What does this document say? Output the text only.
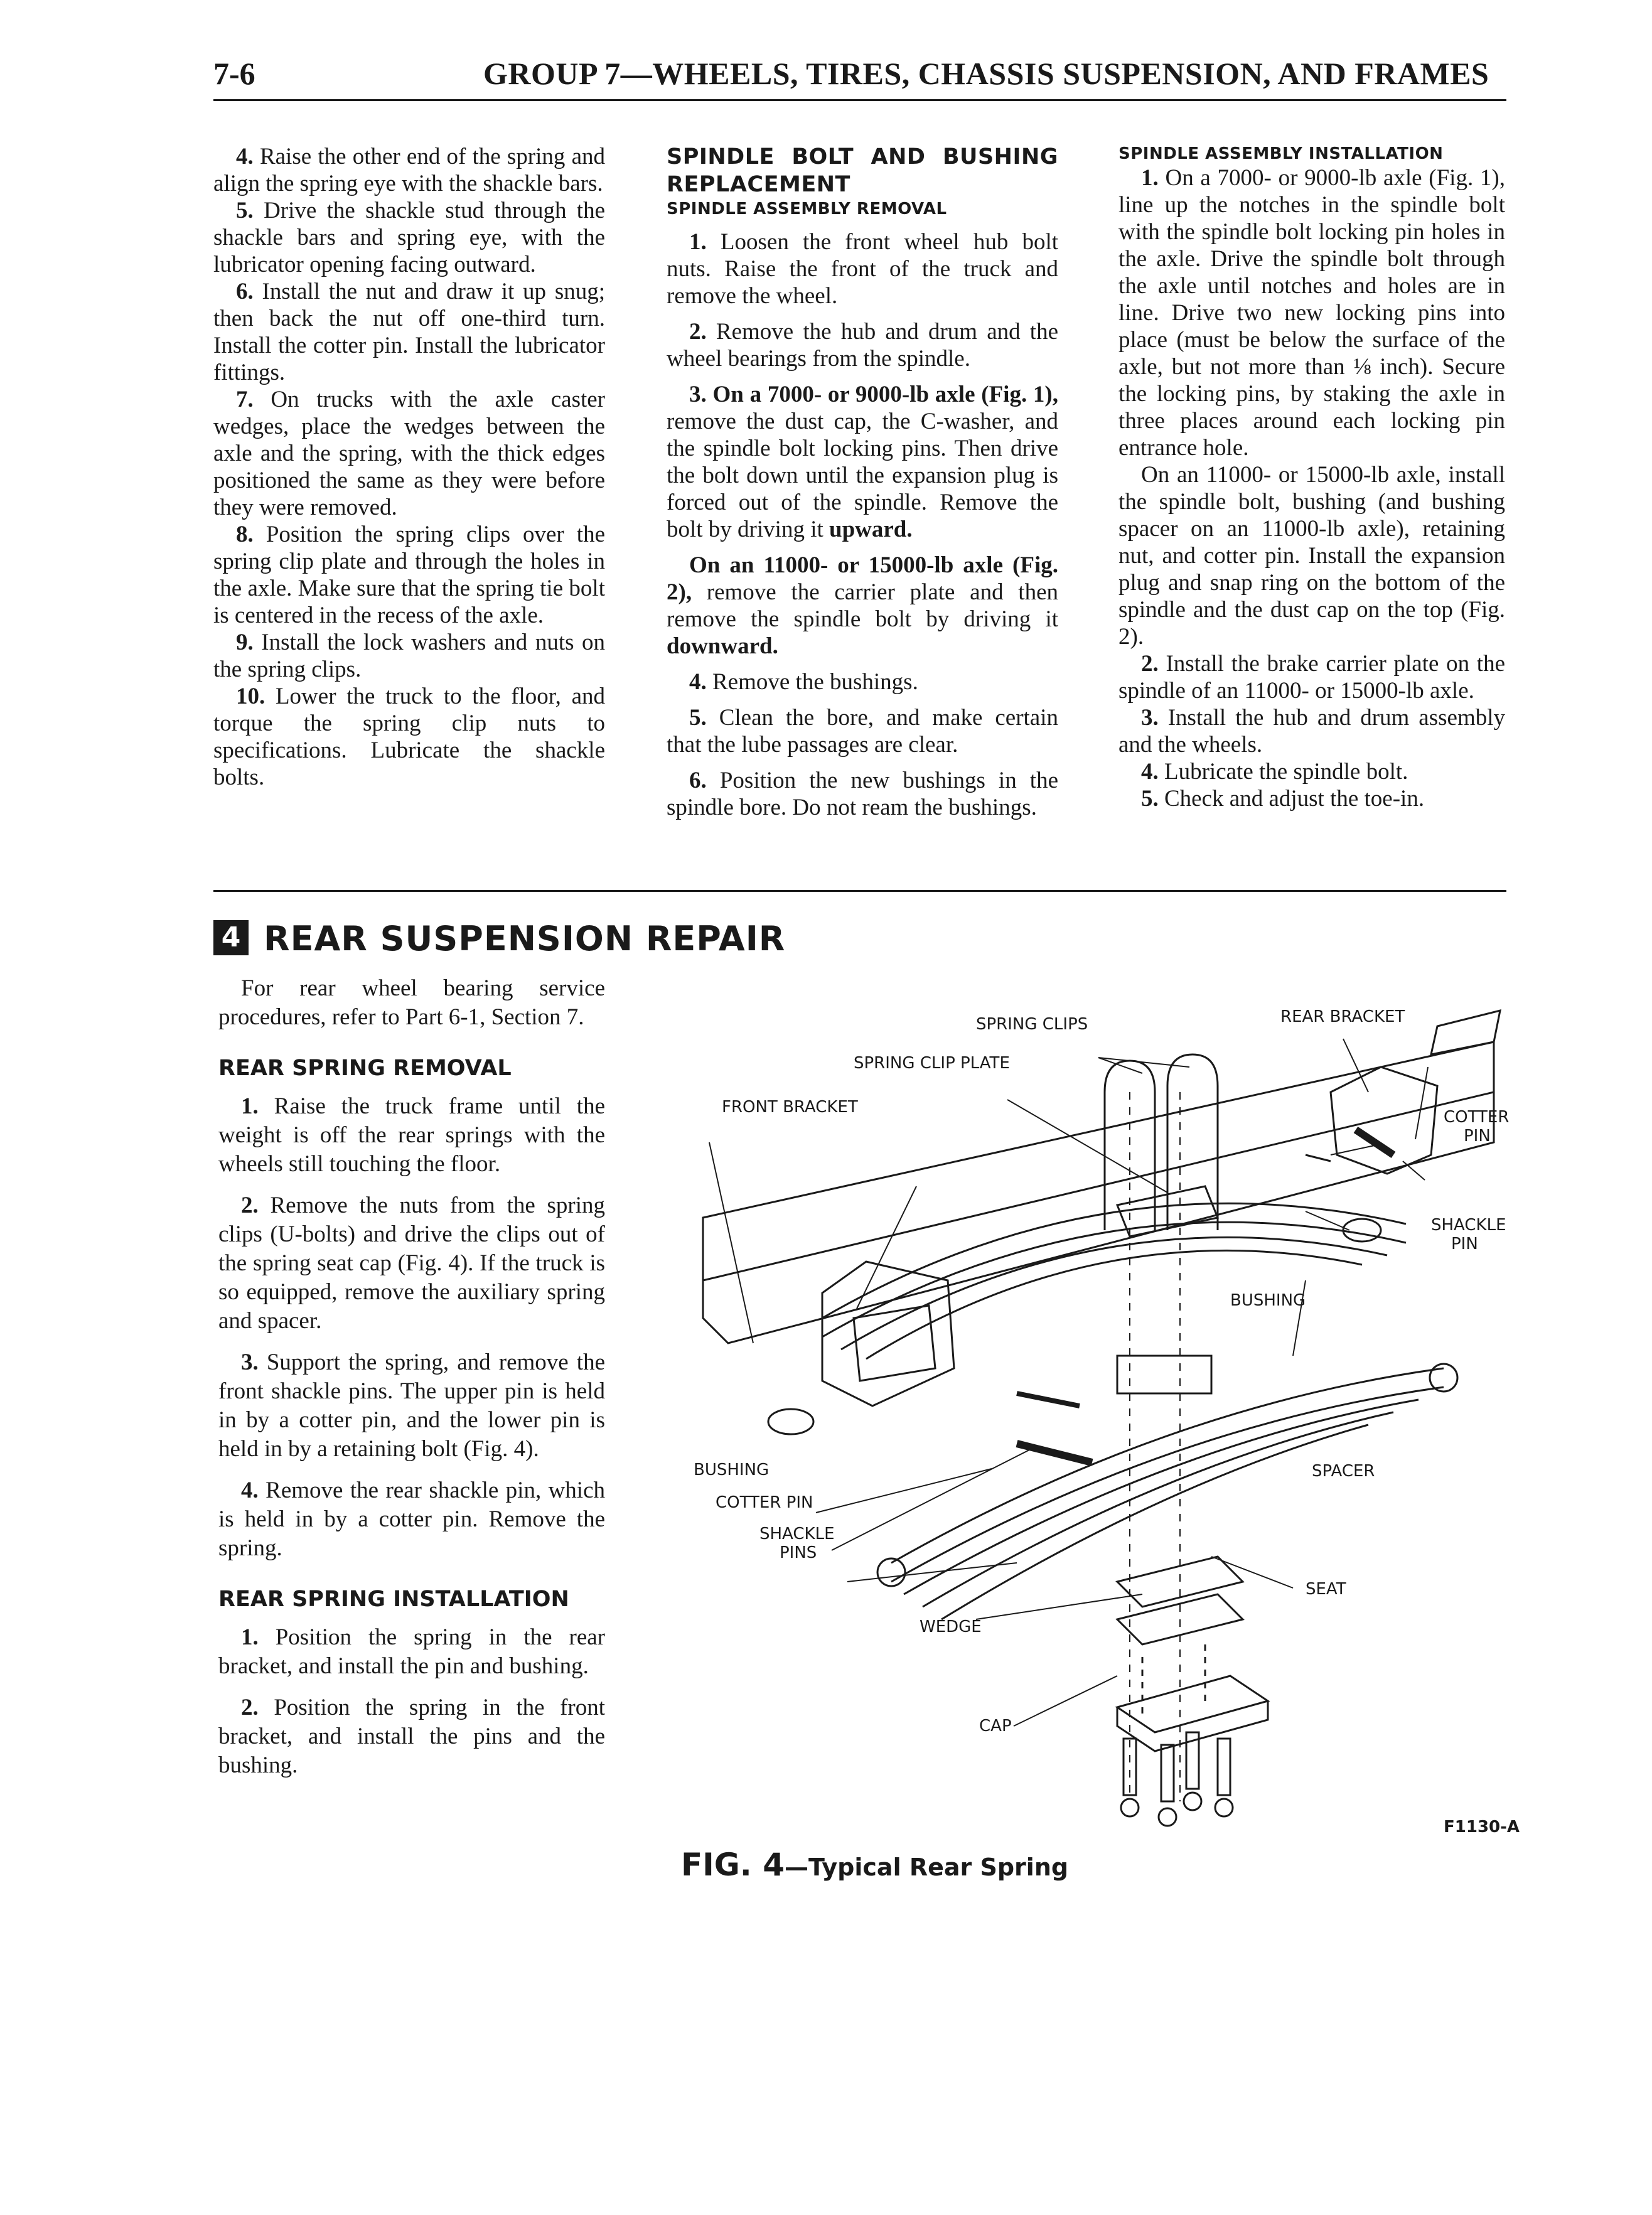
7-6	GROUP 7—WHEELS, TIRES, CHASSIS SUSPENSION, AND FRAMES

4. Raise the other end of the spring and align the spring eye with the shackle bars.

5. Drive the shackle stud through the shackle bars and spring eye, with the lubricator opening facing outward.

6. Install the nut and draw it up snug; then back the nut off one-third turn. Install the cotter pin. Install the lubricator fittings.

7. On trucks with the axle caster wedges, place the wedges between the axle and the spring, with the thick edges positioned the same as they were before they were removed.

8. Position the spring clips over the spring clip plate and through the holes in the axle. Make sure that the spring tie bolt is centered in the recess of the axle.

9. Install the lock washers and nuts on the spring clips.

10. Lower the truck to the floor, and torque the spring clip nuts to specifications. Lubricate the shackle bolts.

SPINDLE BOLT AND BUSHING REPLACEMENT
SPINDLE ASSEMBLY REMOVAL

1. Loosen the front wheel hub bolt nuts. Raise the front of the truck and remove the wheel.

2. Remove the hub and drum and the wheel bearings from the spindle.

3. On a 7000- or 9000-lb axle (Fig. 1), remove the dust cap, the C-washer, and the spindle bolt locking pins. Then drive the bolt down until the expansion plug is forced out of the spindle. Remove the bolt by driving it upward.

On an 11000- or 15000-lb axle (Fig. 2), remove the carrier plate and then remove the spindle bolt by driving it downward.

4. Remove the bushings.

5. Clean the bore, and make certain that the lube passages are clear.

6. Position the new bushings in the spindle bore. Do not ream the bushings.

SPINDLE ASSEMBLY INSTALLATION

1. On a 7000- or 9000-lb axle (Fig. 1), line up the notches in the spindle bolt with the spindle bolt locking pin holes in the axle. Drive the spindle bolt through the axle until notches and holes are in line. Drive two new locking pins into place (must be below the surface of the axle, but not more than ⅛ inch). Secure the locking pins, by staking the axle in three places around each locking pin entrance hole.

On an 11000- or 15000-lb axle, install the spindle bolt, bushing (and bushing spacer on an 11000-lb axle), retaining nut, and cotter pin. Install the expansion plug and snap ring on the bottom of the spindle and the dust cap on the top (Fig. 2).

2. Install the brake carrier plate on the spindle of an 11000- or 15000-lb axle.

3. Install the hub and drum assembly and the wheels.

4. Lubricate the spindle bolt.

5. Check and adjust the toe-in.

4 REAR SUSPENSION REPAIR

For rear wheel bearing service procedures, refer to Part 6-1, Section 7.

REAR SPRING REMOVAL

1. Raise the truck frame until the weight is off the rear springs with the wheels still touching the floor.

2. Remove the nuts from the spring clips (U-bolts) and drive the clips out of the spring seat cap (Fig. 4). If the truck is so equipped, remove the auxiliary spring and spacer.

3. Support the spring, and remove the front shackle pins. The upper pin is held in by a cotter pin, and the lower pin is held in by a retaining bolt (Fig. 4).

4. Remove the rear shackle pin, which is held in by a cotter pin. Remove the spring.

REAR SPRING INSTALLATION

1. Position the spring in the rear bracket, and install the pin and bushing.

2. Position the spring in the front bracket, and install the pins and the bushing.

SPRING CLIPS	REAR BRACKET
SPRING CLIP PLATE
FRONT BRACKET
COTTER
PIN
SHACKLE
PIN
BUSHING
SPACER
BUSHING
COTTER PIN
SHACKLE
PINS
SEAT
WEDGE
CAP
FIG. 4—Typical Rear Spring
F1130-A
